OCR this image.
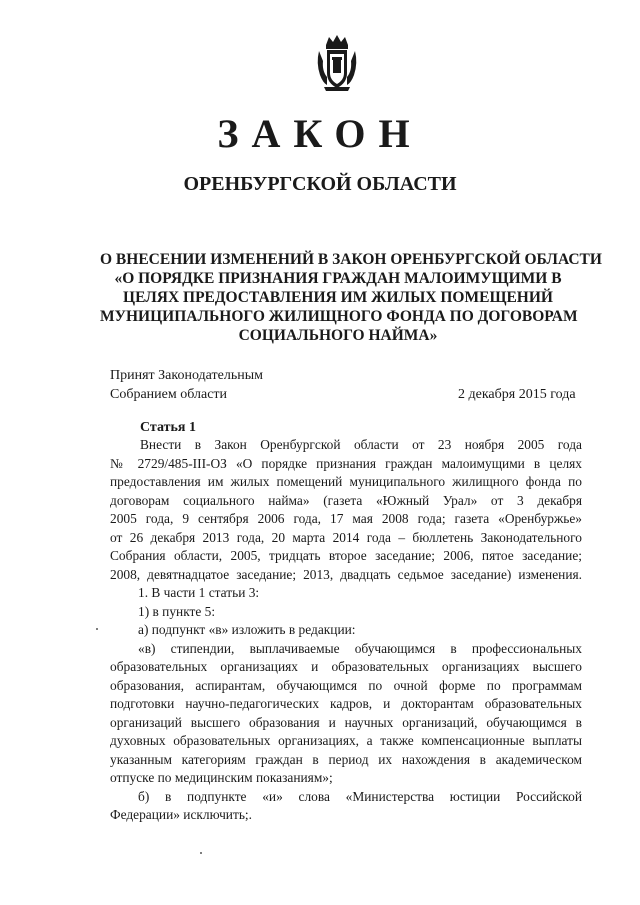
ЗАКОН
ОРЕНБУРГСКОЙ ОБЛАСТИ
О ВНЕСЕНИИ ИЗМЕНЕНИЙ В ЗАКОН ОРЕНБУРГСКОЙ ОБЛАСТИ
«О ПОРЯДКЕ ПРИЗНАНИЯ ГРАЖДАН МАЛОИМУЩИМИ В
ЦЕЛЯХ ПРЕДОСТАВЛЕНИЯ ИМ ЖИЛЫХ ПОМЕЩЕНИЙ
МУНИЦИПАЛЬНОГО ЖИЛИЩНОГО ФОНДА ПО ДОГОВОРАМ
СОЦИАЛЬНОГО НАЙМА»
Принят Законодательным
Собранием области	2 декабря 2015 года
Статья 1
Внести в Закон Оренбургской области от 23 ноября 2005 года
№ 2729/485-III-ОЗ «О порядке признания граждан малоимущими в целях
предоставления им жилых помещений муниципального жилищного фонда по
договорам социального найма» (газета «Южный Урал» от 3 декабря
2005 года, 9 сентября 2006 года, 17 мая 2008 года; газета «Оренбуржье»
от 26 декабря 2013 года, 20 марта 2014 года – бюллетень Законодательного
Собрания области, 2005, тридцать второе заседание; 2006, пятое заседание;
2008, девятнадцатое заседание; 2013, двадцать седьмое заседание) изменения.
1. В части 1 статьи 3:
1) в пункте 5:
а) подпункт «в» изложить в редакции:
«в) стипендии, выплачиваемые обучающимся в профессиональных
образовательных организациях и образовательных организациях высшего
образования, аспирантам, обучающимся по очной форме по программам
подготовки научно-педагогических кадров, и докторантам образовательных
организаций высшего образования и научных организаций, обучающимся в
духовных образовательных организациях, а также компенсационные выплаты
указанным категориям граждан в период их нахождения в академическом
отпуске по медицинским показаниям»;
б) в подпункте «и» слова «Министерства юстиции Российской
Федерации» исключить;.
